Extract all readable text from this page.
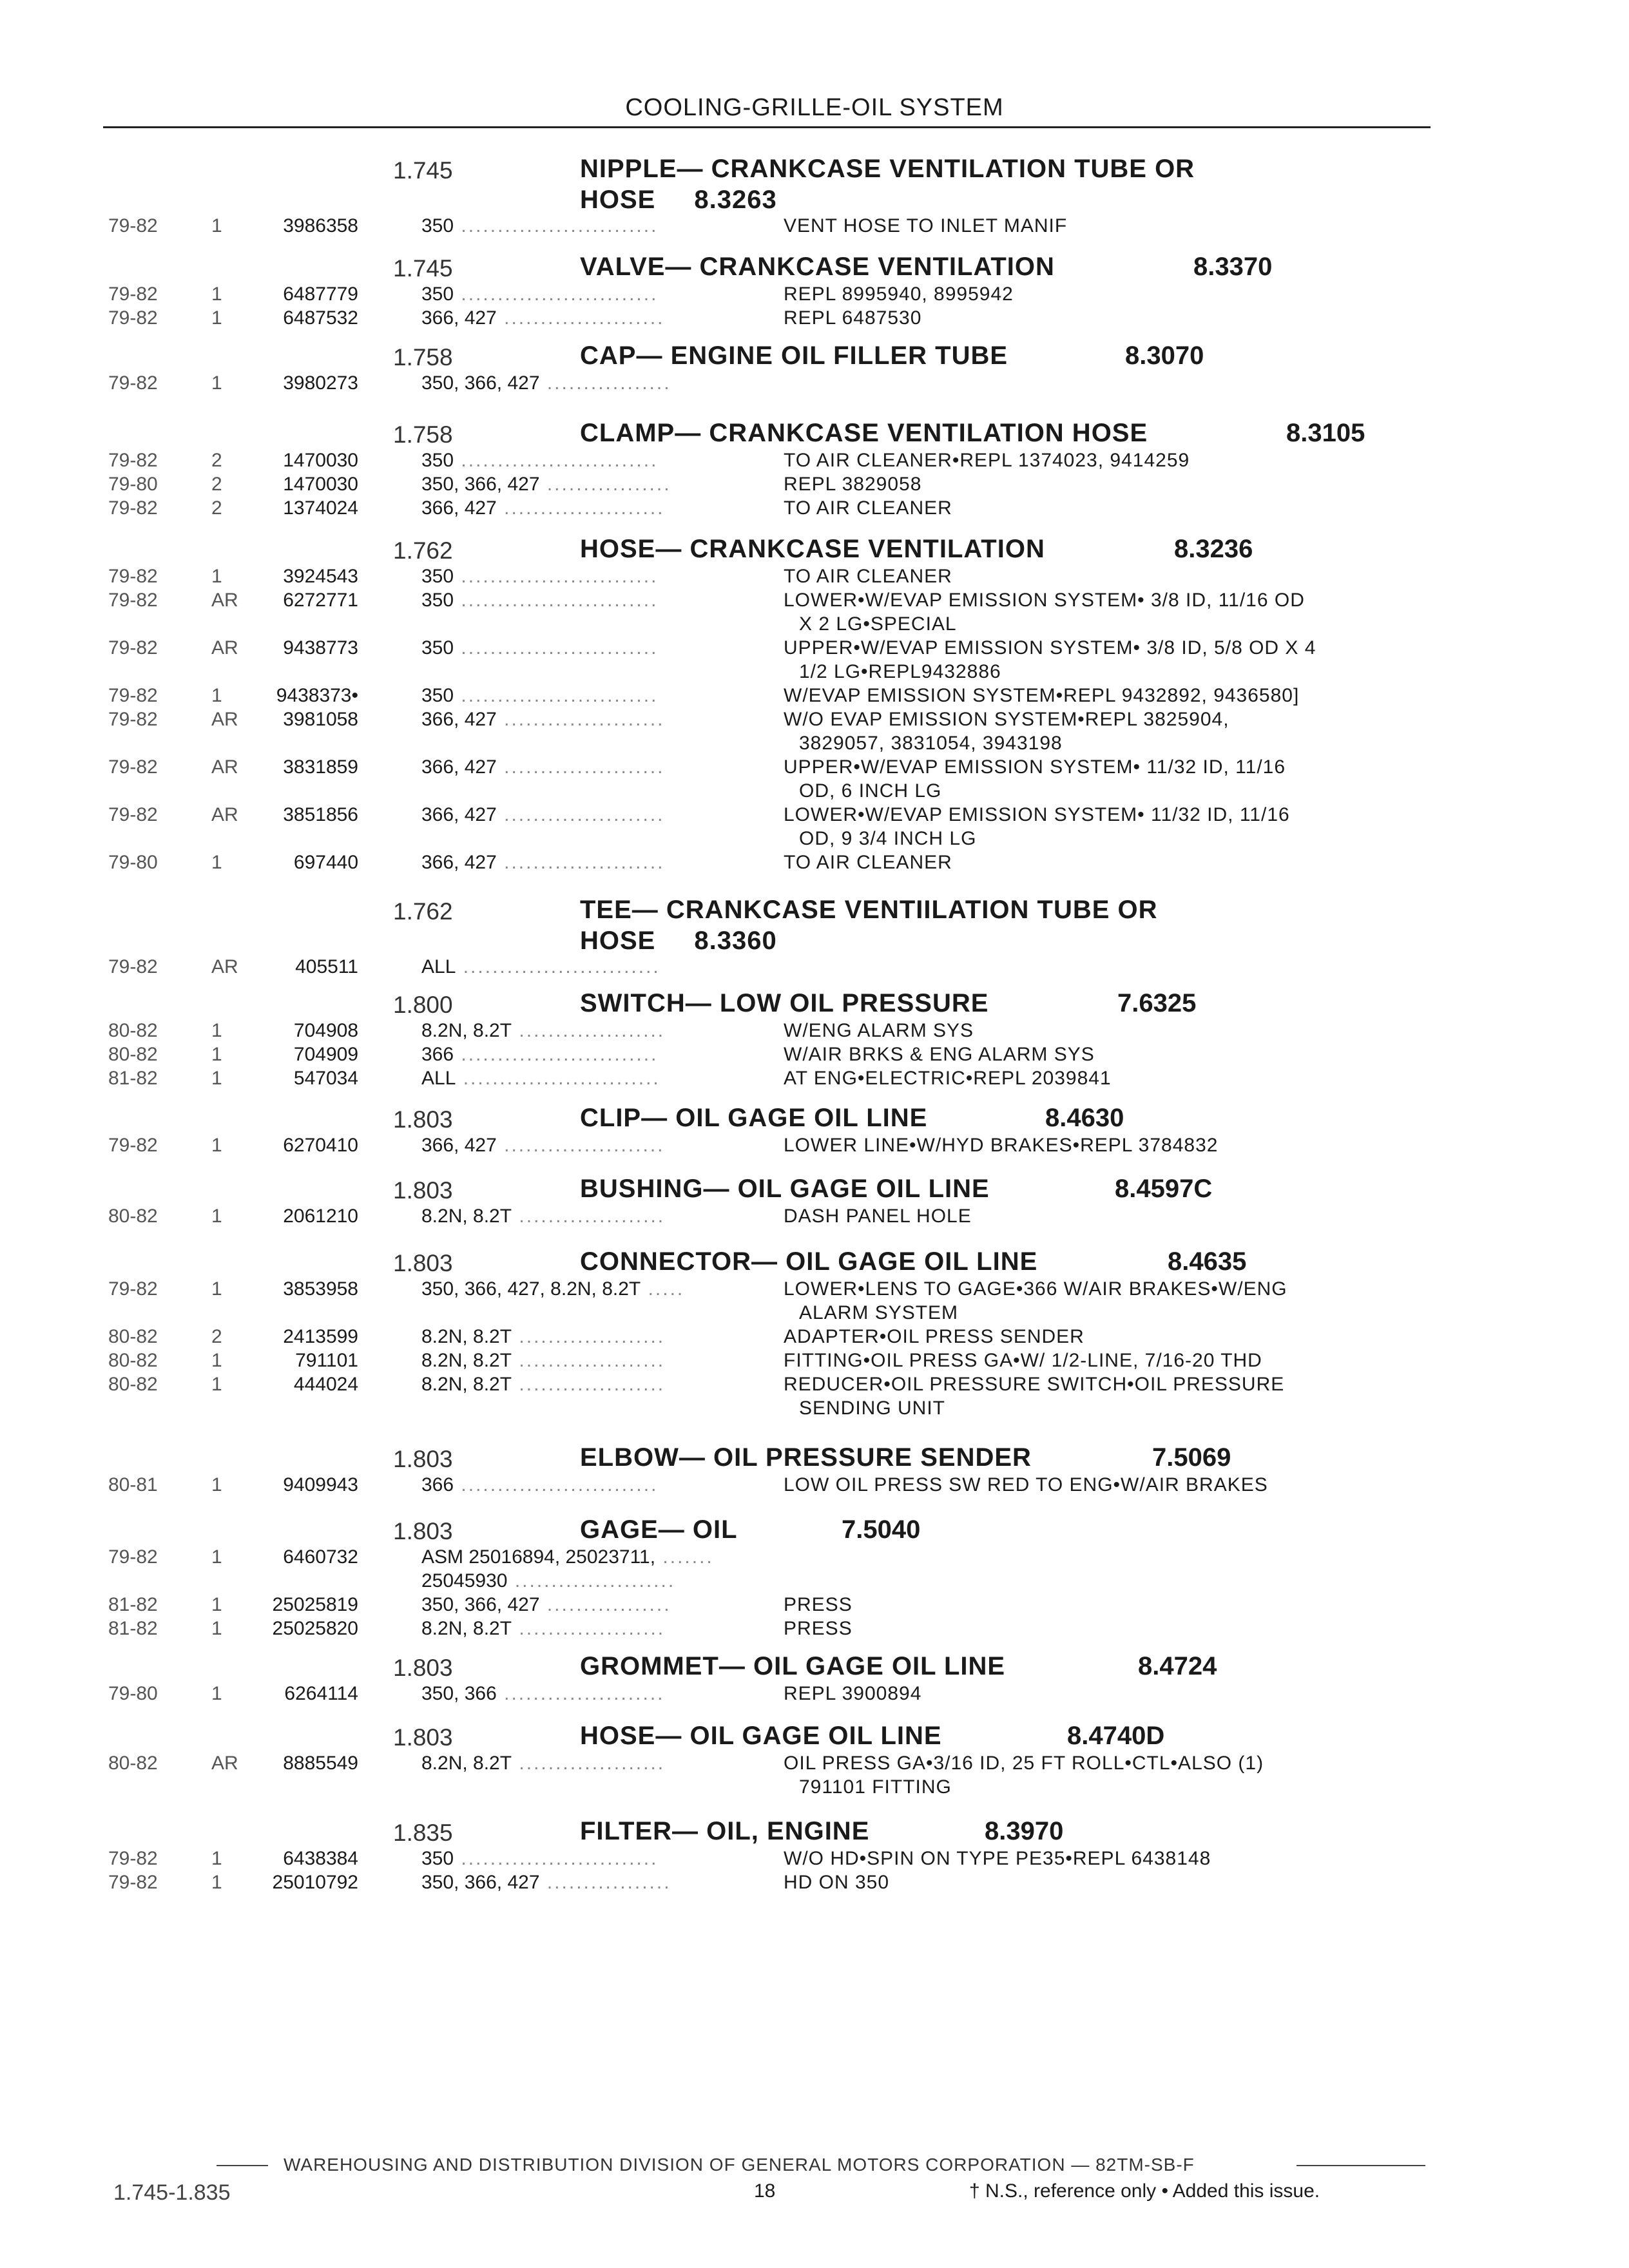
COOLING-GRILLE-OIL SYSTEM
1.745	NIPPLE— CRANKCASE VENTILATION TUBE OR
HOSE 8.3263
79-82	1	3986358	350 ...........................	VENT HOSE TO INLET MANIF
1.745	VALVE— CRANKCASE VENTILATION	8.3370
79-82	1	6487779	350 ...........................	REPL 8995940, 8995942
79-82	1	6487532	366, 427 ......................	REPL 6487530
1.758	CAP— ENGINE OIL FILLER TUBE	8.3070
79-82	1	3980273	350, 366, 427 .................
1.758	CLAMP— CRANKCASE VENTILATION HOSE	8.3105
79-82	2	1470030	350 ...........................	TO AIR CLEANER•REPL 1374023, 9414259
79-80	2	1470030	350, 366, 427 .................	REPL 3829058
79-82	2	1374024	366, 427 ......................	TO AIR CLEANER
1.762	HOSE— CRANKCASE VENTILATION	8.3236
79-82	1	3924543	350 ...........................	TO AIR CLEANER
79-82	AR 6272771	350 ...........................	LOWER•W/EVAP EMISSION SYSTEM• 3/8 ID, 11/16 OD
X 2 LG•SPECIAL
79-82	AR 9438773	350 ...........................	UPPER•W/EVAP EMISSION SYSTEM• 3/8 ID, 5/8 OD X 4
1/2 LG•REPL9432886
79-82	1	9438373•	350 ...........................	W/EVAP EMISSION SYSTEM•REPL 9432892, 9436580]
79-82	AR 3981058	366, 427 ......................	W/O EVAP EMISSION SYSTEM•REPL 3825904,
3829057, 3831054, 3943198
79-82	AR 3831859	366, 427 ......................	UPPER•W/EVAP EMISSION SYSTEM• 11/32 ID, 11/16
OD, 6 INCH LG
79-82	AR 3851856	366, 427 ......................	LOWER•W/EVAP EMISSION SYSTEM• 11/32 ID, 11/16
OD, 9 3/4 INCH LG
79-80	1	697440	366, 427 ......................	TO AIR CLEANER
1.762	TEE— CRANKCASE VENTIILATION TUBE OR
HOSE 8.3360
79-82	AR	405511	ALL ...........................
1.800	SWITCH— LOW OIL PRESSURE	7.6325
80-82	1	704908	8.2N, 8.2T ....................	W/ENG ALARM SYS
80-82	1	704909	366 ...........................	W/AIR BRKS & ENG ALARM SYS
81-82	1	547034	ALL ...........................	AT ENG•ELECTRIC•REPL 2039841
1.803	CLIP— OIL GAGE OIL LINE	8.4630
79-82	1	6270410	366, 427 ......................	LOWER LINE•W/HYD BRAKES•REPL 3784832
1.803	BUSHING— OIL GAGE OIL LINE	8.4597C
80-82	1	2061210	8.2N, 8.2T ....................	DASH PANEL HOLE
1.803	CONNECTOR— OIL GAGE OIL LINE	8.4635
79-82	1	3853958	350, 366, 427, 8.2N, 8.2T .....	LOWER•LENS TO GAGE•366 W/AIR BRAKES•W/ENG
ALARM SYSTEM
80-82	2	2413599	8.2N, 8.2T ....................	ADAPTER•OIL PRESS SENDER
80-82	1	791101	8.2N, 8.2T ....................	FITTING•OIL PRESS GA•W/ 1/2-LINE, 7/16-20 THD
80-82	1	444024	8.2N, 8.2T ....................	REDUCER•OIL PRESSURE SWITCH•OIL PRESSURE
SENDING UNIT
1.803	ELBOW— OIL PRESSURE SENDER	7.5069
80-81	1	9409943	366 ...........................	LOW OIL PRESS SW RED TO ENG•W/AIR BRAKES
1.803	GAGE— OIL	7.5040
79-82	1	6460732	ASM 25016894, 25023711, .......
25045930 ......................
81-82	1	25025819	350, 366, 427 .................	PRESS
81-82	1	25025820	8.2N, 8.2T ....................	PRESS
1.803	GROMMET— OIL GAGE OIL LINE	8.4724
79-80	1	6264114	350, 366 ......................	REPL 3900894
1.803	HOSE— OIL GAGE OIL LINE	8.4740D
80-82	AR 8885549	8.2N, 8.2T ....................	OIL PRESS GA•3/16 ID, 25 FT ROLL•CTL•ALSO (1)
791101 FITTING
1.835	FILTER— OIL, ENGINE	8.3970
79-82	1	6438384	350 ...........................	W/O HD•SPIN ON TYPE PE35•REPL 6438148
79-82	1	25010792	350, 366, 427 .................	HD ON 350
WAREHOUSING AND DISTRIBUTION DIVISION OF GENERAL MOTORS CORPORATION — 82TM-SB-F
1.745-1.835	18	† N.S., reference only • Added this issue.
